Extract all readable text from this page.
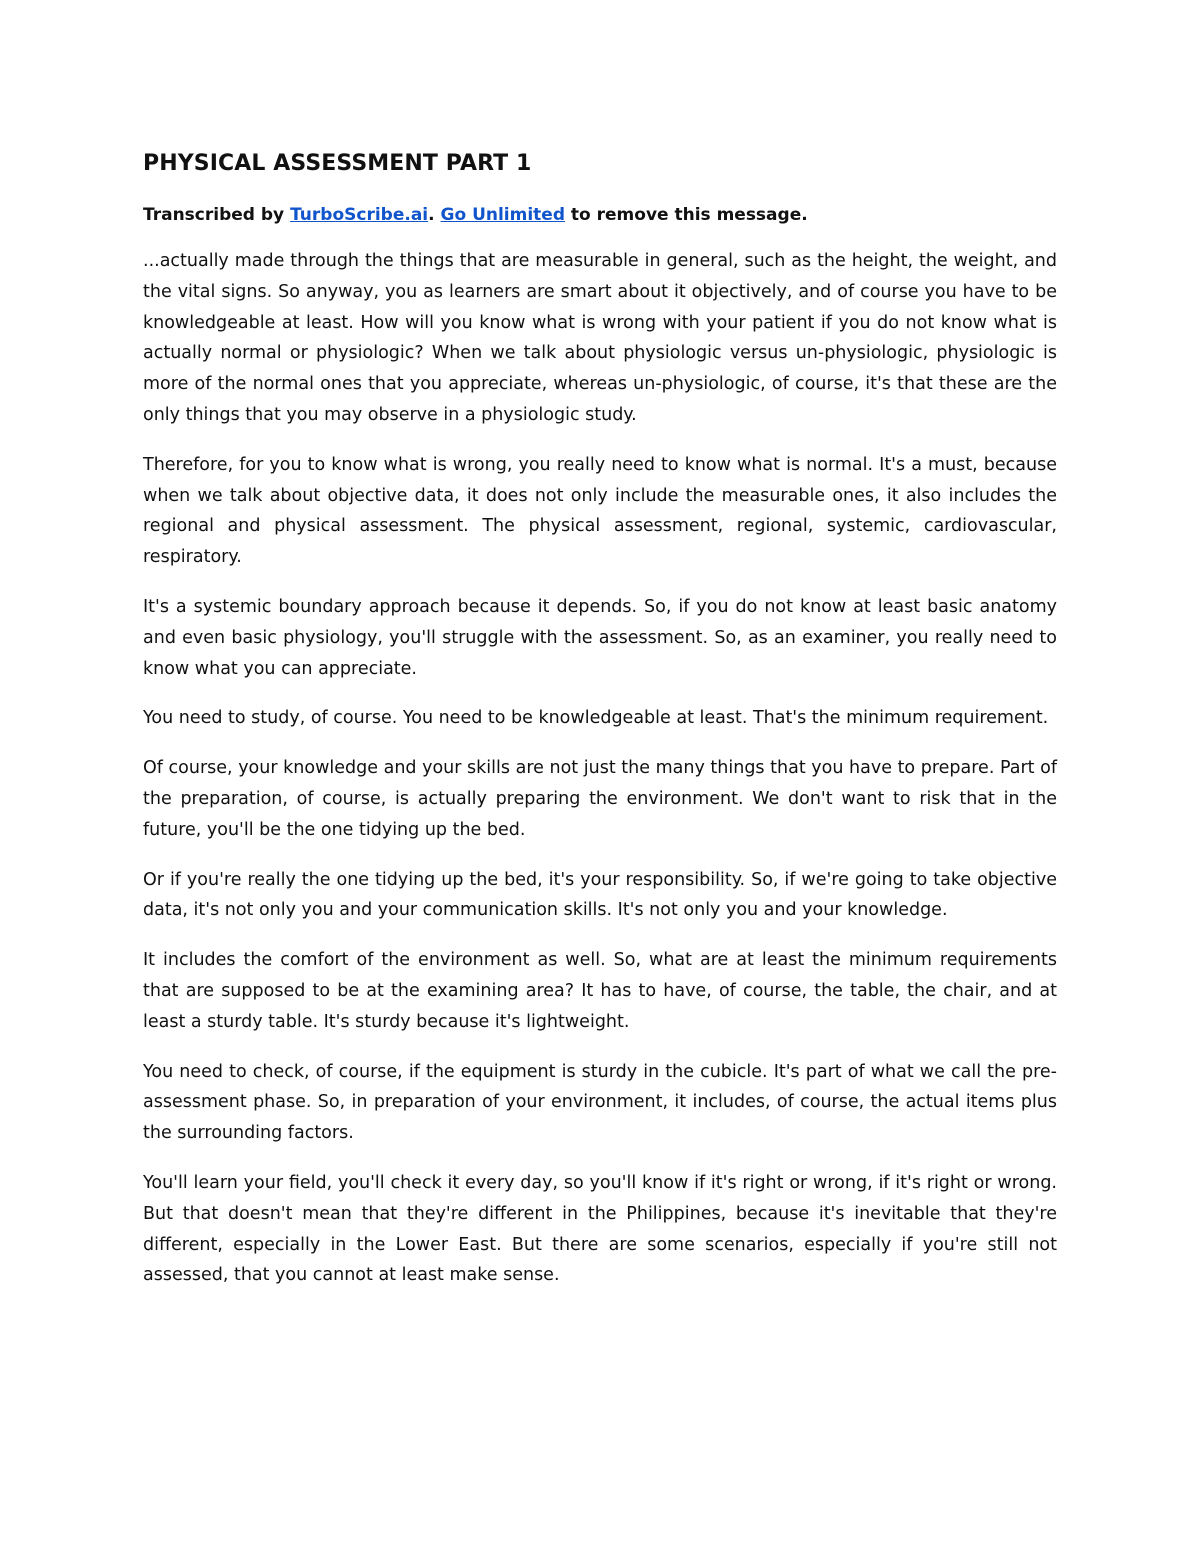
PHYSICAL ASSESSMENT PART 1

Transcribed by TurboScribe.ai. Go Unlimited to remove this message.

...actually made through the things that are measurable in general, such as the height, the weight, and the vital signs. So anyway, you as learners are smart about it objectively, and of course you have to be knowledgeable at least. How will you know what is wrong with your patient if you do not know what is actually normal or physiologic? When we talk about physiologic versus un-physiologic, physiologic is more of the normal ones that you appreciate, whereas un-physiologic, of course, it's that these are the only things that you may observe in a physiologic study.

Therefore, for you to know what is wrong, you really need to know what is normal. It's a must, because when we talk about objective data, it does not only include the measurable ones, it also includes the regional and physical assessment. The physical assessment, regional, systemic, cardiovascular, respiratory.

It's a systemic boundary approach because it depends. So, if you do not know at least basic anatomy and even basic physiology, you'll struggle with the assessment. So, as an examiner, you really need to know what you can appreciate.

You need to study, of course. You need to be knowledgeable at least. That's the minimum requirement.

Of course, your knowledge and your skills are not just the many things that you have to prepare. Part of the preparation, of course, is actually preparing the environment. We don't want to risk that in the future, you'll be the one tidying up the bed.

Or if you're really the one tidying up the bed, it's your responsibility. So, if we're going to take objective data, it's not only you and your communication skills. It's not only you and your knowledge.

It includes the comfort of the environment as well. So, what are at least the minimum requirements that are supposed to be at the examining area? It has to have, of course, the table, the chair, and at least a sturdy table. It's sturdy because it's lightweight.

You need to check, of course, if the equipment is sturdy in the cubicle. It's part of what we call the pre-assessment phase. So, in preparation of your environment, it includes, of course, the actual items plus the surrounding factors.

You'll learn your field, you'll check it every day, so you'll know if it's right or wrong, if it's right or wrong. But that doesn't mean that they're different in the Philippines, because it's inevitable that they're different, especially in the Lower East. But there are some scenarios, especially if you're still not assessed, that you cannot at least make sense.
